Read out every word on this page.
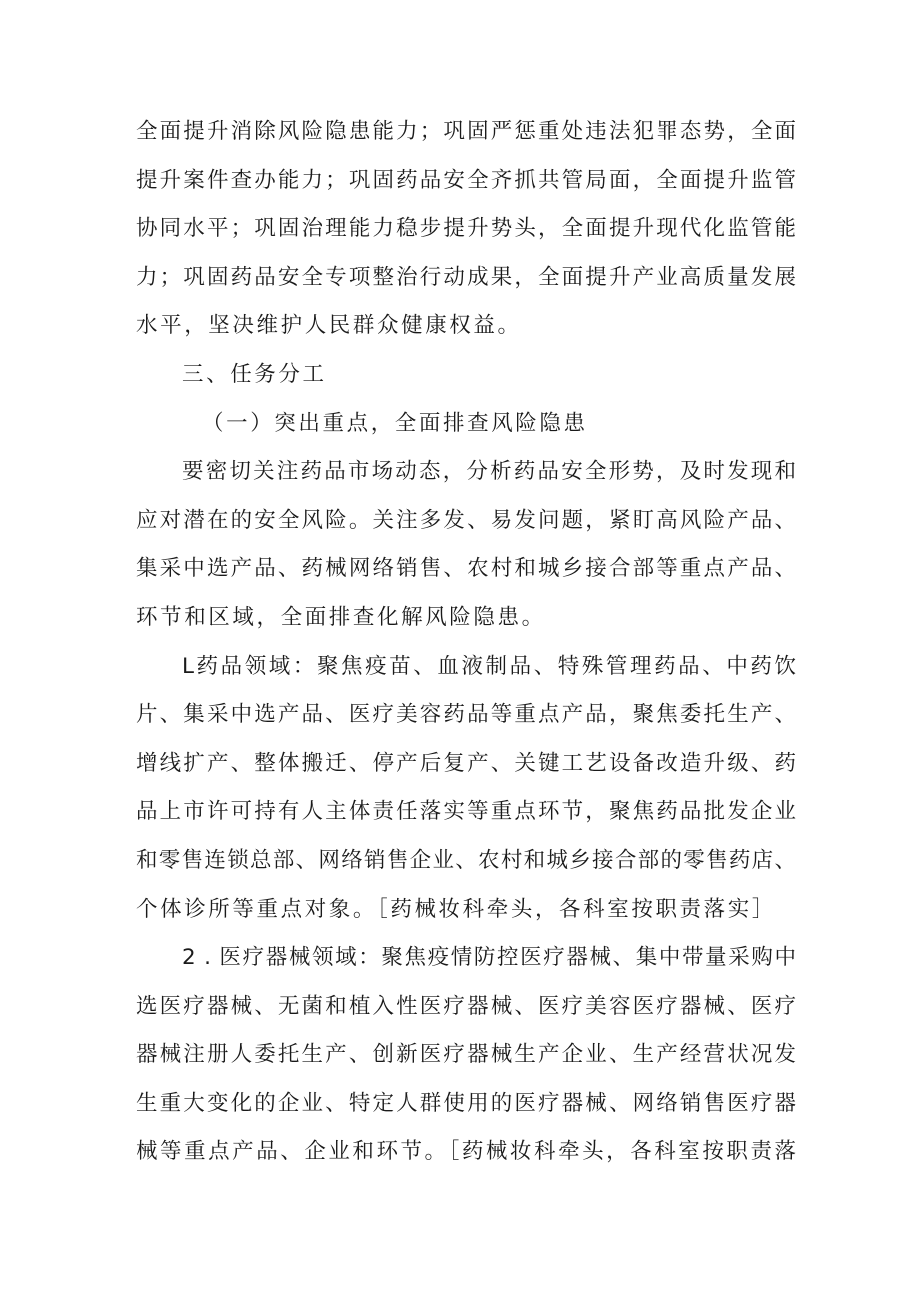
全面提升消除风险隐患能力；巩固严惩重处违法犯罪态势，全面
提升案件查办能力；巩固药品安全齐抓共管局面，全面提升监管
协同水平；巩固治理能力稳步提升势头，全面提升现代化监管能
力；巩固药品安全专项整治行动成果，全面提升产业高质量发展
水平，坚决维护人民群众健康权益。
三、任务分工
（一）突出重点，全面排查风险隐患
要密切关注药品市场动态，分析药品安全形势，及时发现和
应对潜在的安全风险。关注多发、易发问题，紧盯高风险产品、
集采中选产品、药械网络销售、农村和城乡接合部等重点产品、
环节和区域，全面排查化解风险隐患。
L药品领域：聚焦疫苗、血液制品、特殊管理药品、中药饮
片、集采中选产品、医疗美容药品等重点产品，聚焦委托生产、
增线扩产、整体搬迁、停产后复产、关键工艺设备改造升级、药
品上市许可持有人主体责任落实等重点环节，聚焦药品批发企业
和零售连锁总部、网络销售企业、农村和城乡接合部的零售药店、
个体诊所等重点对象。［药械妆科牵头，各科室按职责落实］
2 . 医疗器械领域：聚焦疫情防控医疗器械、集中带量采购中
选医疗器械、无菌和植入性医疗器械、医疗美容医疗器械、医疗
器械注册人委托生产、创新医疗器械生产企业、生产经营状况发
生重大变化的企业、特定人群使用的医疗器械、网络销售医疗器
械等重点产品、企业和环节。［药械妆科牵头，各科室按职责落
